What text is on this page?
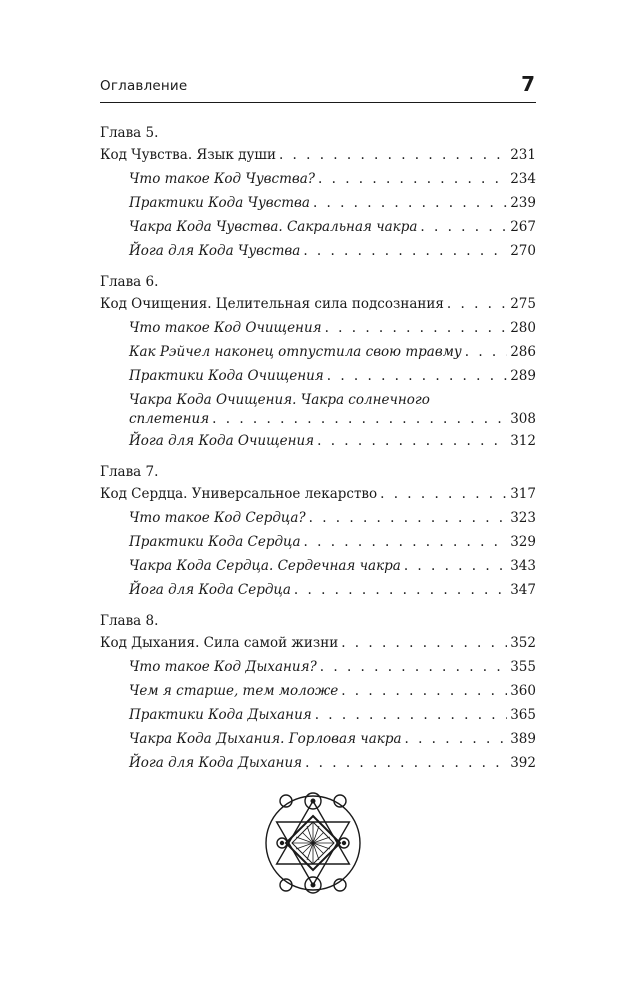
Оглавление	7
Глава 5.
Код Чувства. Язык души . . .	231
Что такое Код Чувства? . . .	234
Практики Кода Чувства . . .	239
Чакра Кода Чувства. Сакральная чакра . . .	267
Йога для Кода Чувства . . .	270
Глава 6.
Код Очищения. Целительная сила подсознания . . .	275
Что такое Код Очищения . . .	280
Как Рэйчел наконец отпустила свою травму . . .	286
Практики Кода Очищения . . .	289
Чакра Кода Очищения. Чакра солнечного
сплетения . . .	308
Йога для Кода Очищения . . .	312
Глава 7.
Код Сердца. Универсальное лекарство . . .	317
Что такое Код Сердца? . . .	323
Практики Кода Сердца . . .	329
Чакра Кода Сердца. Сердечная чакра . . .	343
Йога для Кода Сердца . . .	347
Глава 8.
Код Дыхания. Сила самой жизни . . .	352
Что такое Код Дыхания? . . .	355
Чем я старше, тем моложе . . .	360
Практики Кода Дыхания . . .	365
Чакра Кода Дыхания. Горловая чакра . . .	389
Йога для Кода Дыхания . . .	392
